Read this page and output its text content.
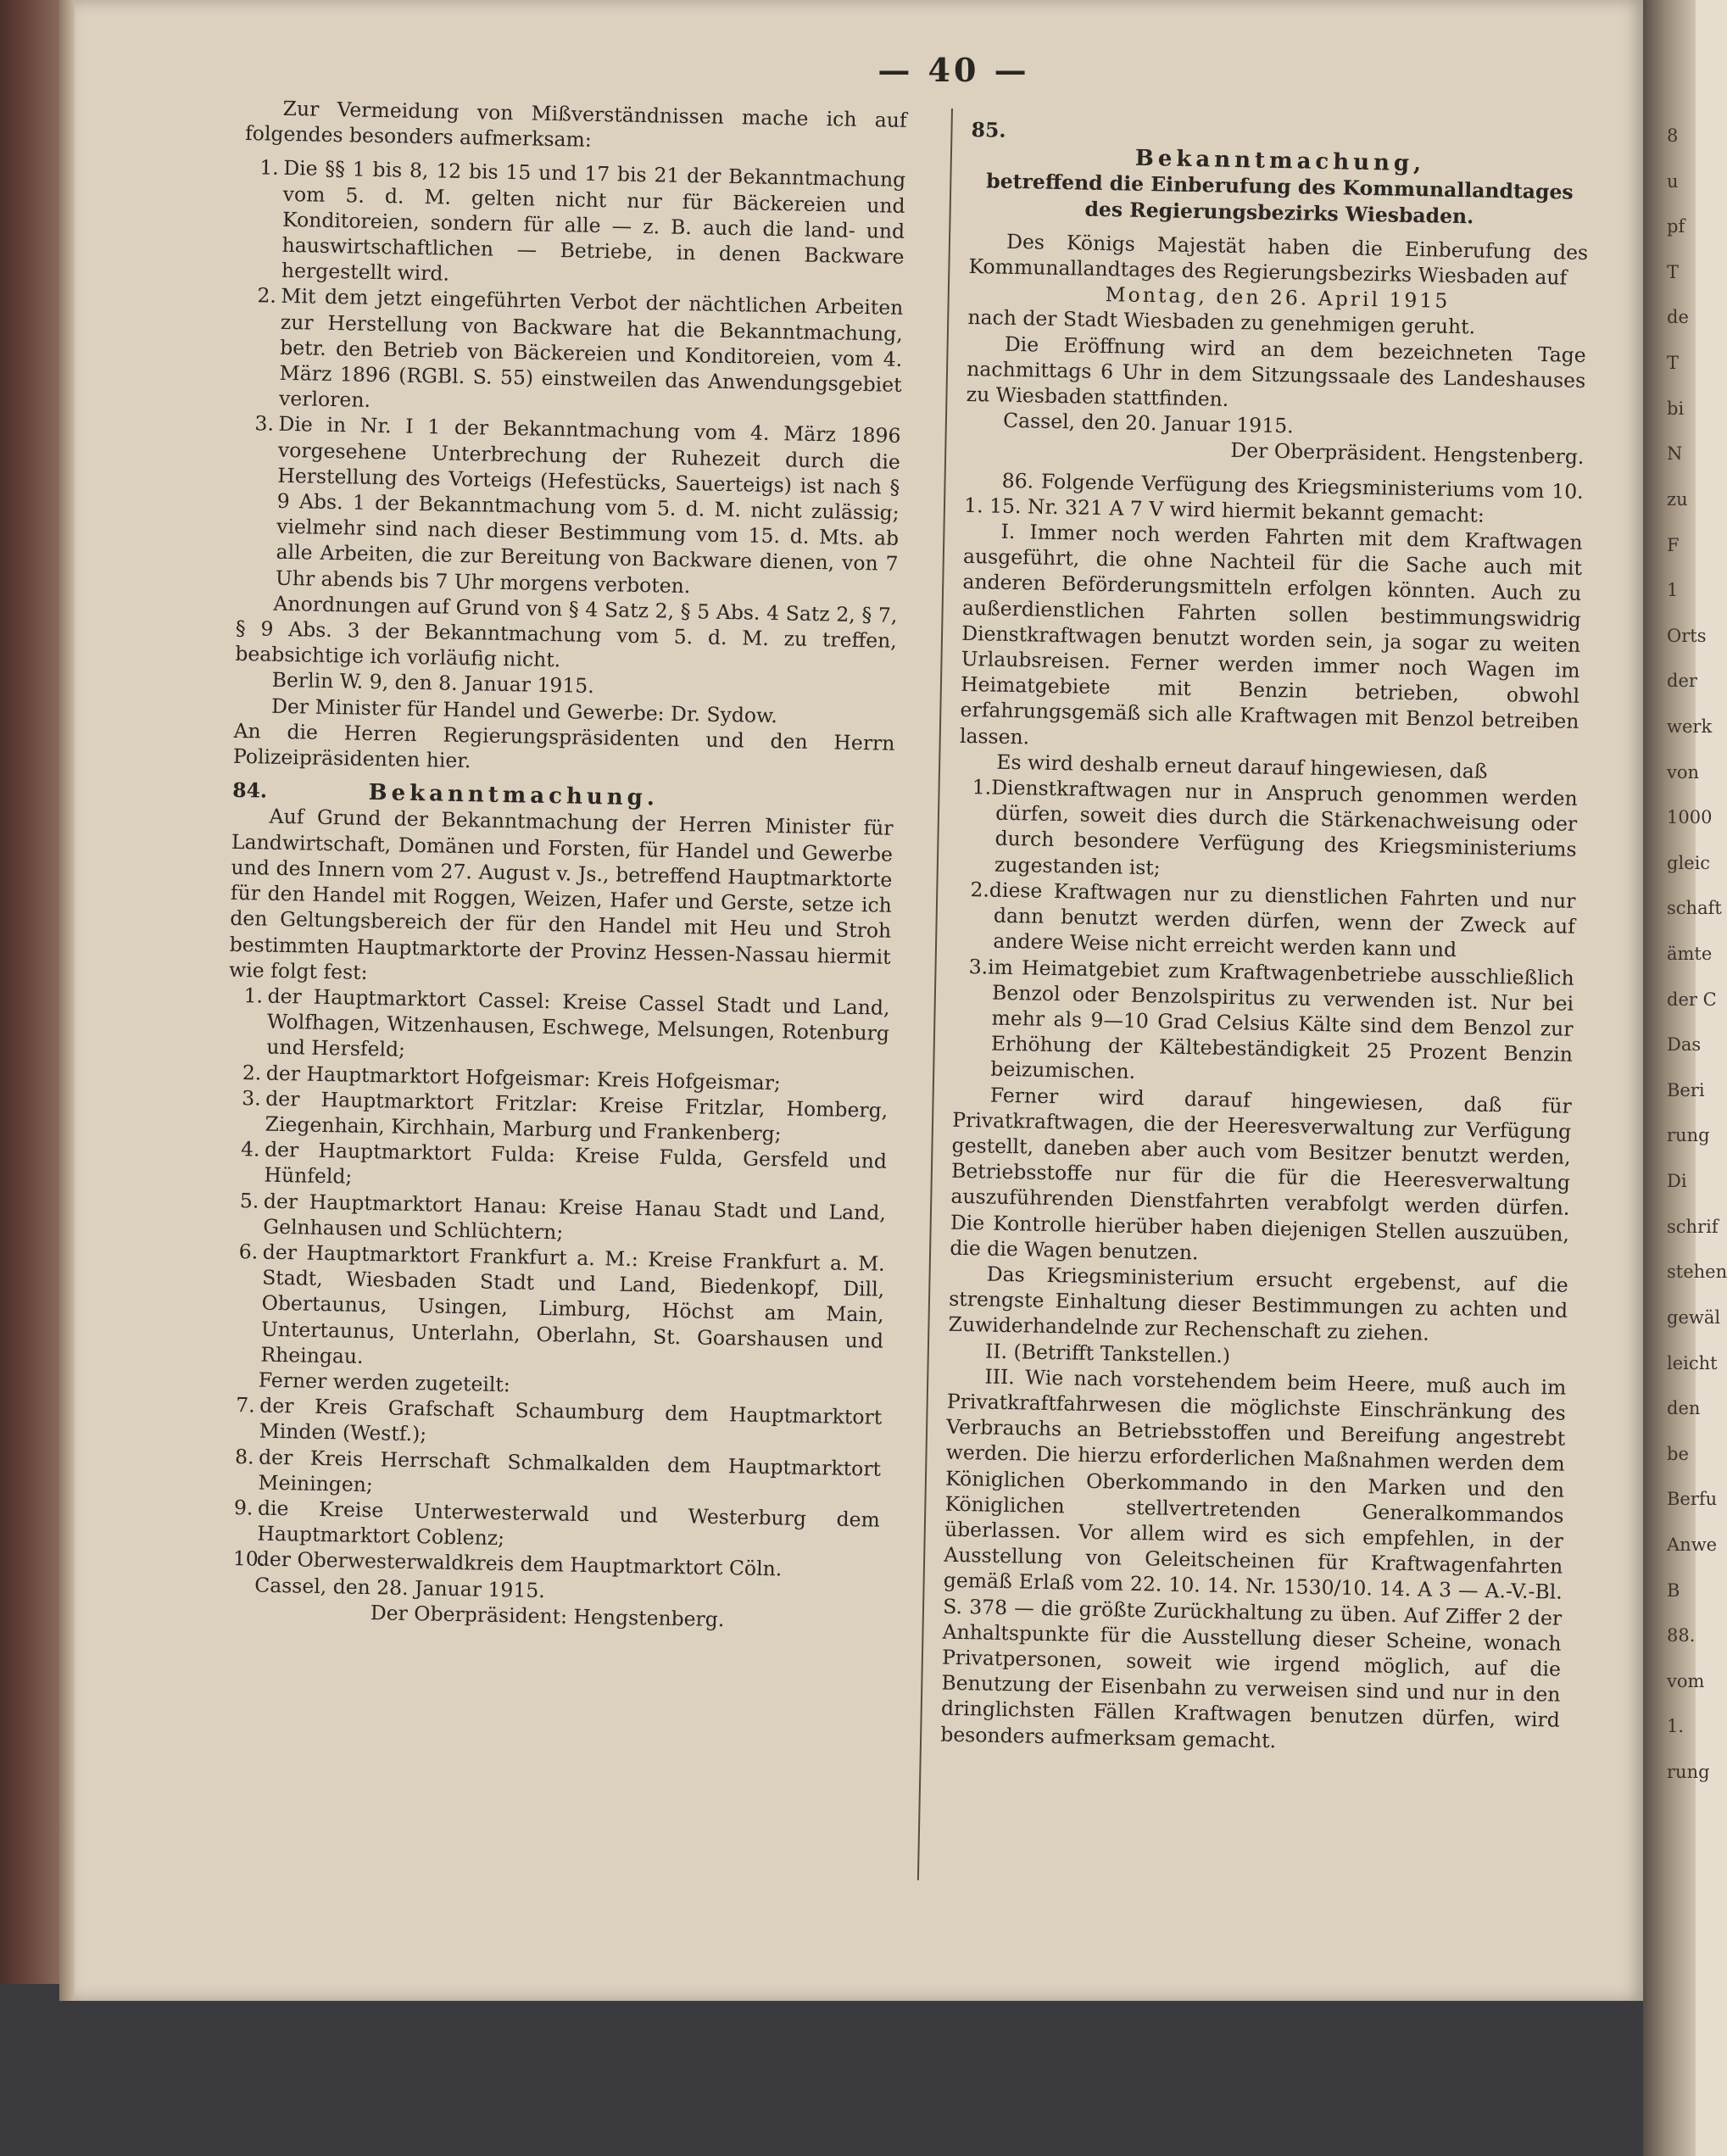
8
u
pf
T
de
T
bi
N
zu
F
1
Orts
der
werk
von
1000
gleic
schaft
ämte
der C
Das
Beri
rung
Di
schrif
stehen
gewäl
leicht
den
be
Berfu
Anwe
B
88.
vom
1.
rung
— 40 —

Zur Vermeidung von Mißverständnissen mache ich auf folgendes besonders aufmerksam:

1. Die §§ 1 bis 8, 12 bis 15 und 17 bis 21 der Bekanntmachung vom 5. d. M. gelten nicht nur für Bäckereien und Konditoreien, sondern für alle — z. B. auch die land- und hauswirtschaftlichen — Betriebe, in denen Backware hergestellt wird.

2. Mit dem jetzt eingeführten Verbot der nächtlichen Arbeiten zur Herstellung von Backware hat die Bekanntmachung, betr. den Betrieb von Bäckereien und Konditoreien, vom 4. März 1896 (RGBl. S. 55) einstweilen das Anwendungsgebiet verloren.

3. Die in Nr. I 1 der Bekanntmachung vom 4. März 1896 vorgesehene Unterbrechung der Ruhezeit durch die Herstellung des Vorteigs (Hefestücks, Sauerteigs) ist nach § 9 Abs. 1 der Bekanntmachung vom 5. d. M. nicht zulässig; vielmehr sind nach dieser Bestimmung vom 15. d. Mts. ab alle Arbeiten, die zur Bereitung von Backware dienen, von 7 Uhr abends bis 7 Uhr morgens verboten.

Anordnungen auf Grund von § 4 Satz 2, § 5 Abs. 4 Satz 2, § 7, § 9 Abs. 3 der Bekanntmachung vom 5. d. M. zu treffen, beabsichtige ich vorläufig nicht.

Berlin W. 9, den 8. Januar 1915.

Der Minister für Handel und Gewerbe: Dr. Sydow.

An die Herren Regierungspräsidenten und den Herrn Polizeipräsidenten hier.

84.	Bekanntmachung.

Auf Grund der Bekanntmachung der Herren Minister für Landwirtschaft, Domänen und Forsten, für Handel und Gewerbe und des Innern vom 27. August v. Js., betreffend Hauptmarktorte für den Handel mit Roggen, Weizen, Hafer und Gerste, setze ich den Geltungsbereich der für den Handel mit Heu und Stroh bestimmten Hauptmarktorte der Provinz Hessen-Nassau hiermit wie folgt fest:

1. der Hauptmarktort Cassel: Kreise Cassel Stadt und Land, Wolfhagen, Witzenhausen, Eschwege, Melsungen, Rotenburg und Hersfeld;

2. der Hauptmarktort Hofgeismar: Kreis Hofgeismar;

3. der Hauptmarktort Fritzlar: Kreise Fritzlar, Homberg, Ziegenhain, Kirchhain, Marburg und Frankenberg;

4. der Hauptmarktort Fulda: Kreise Fulda, Gersfeld und Hünfeld;

5. der Hauptmarktort Hanau: Kreise Hanau Stadt und Land, Gelnhausen und Schlüchtern;

6. der Hauptmarktort Frankfurt a. M.: Kreise Frankfurt a. M. Stadt, Wiesbaden Stadt und Land, Biedenkopf, Dill, Obertaunus, Usingen, Limburg, Höchst am Main, Untertaunus, Unterlahn, Oberlahn, St. Goarshausen und Rheingau.

Ferner werden zugeteilt:

7. der Kreis Grafschaft Schaumburg dem Hauptmarktort Minden (Westf.);

8. der Kreis Herrschaft Schmalkalden dem Hauptmarktort Meiningen;

9. die Kreise Unterwesterwald und Westerburg dem Hauptmarktort Coblenz;

10.der Oberwesterwaldkreis dem Hauptmarktort Cöln.

Cassel, den 28. Januar 1915.

Der Oberpräsident: Hengstenberg.

85.

Bekanntmachung,

betreffend die Einberufung des Kommunallandtages des Regierungsbezirks Wiesbaden.

Des Königs Majestät haben die Einberufung des Kommunallandtages des Regierungsbezirks Wiesbaden auf

Montag, den 26. April 1915

nach der Stadt Wiesbaden zu genehmigen geruht.

Die Eröffnung wird an dem bezeichneten Tage nachmittags 6 Uhr in dem Sitzungssaale des Landeshauses zu Wiesbaden stattfinden.

Cassel, den 20. Januar 1915.

Der Oberpräsident. Hengstenberg.

86. Folgende Verfügung des Kriegsministeriums vom 10. 1. 15. Nr. 321 A 7 V wird hiermit bekannt gemacht:

I. Immer noch werden Fahrten mit dem Kraftwagen ausgeführt, die ohne Nachteil für die Sache auch mit anderen Beförderungsmitteln erfolgen könnten. Auch zu außerdienstlichen Fahrten sollen bestimmungswidrig Dienstkraftwagen benutzt worden sein, ja sogar zu weiten Urlaubsreisen. Ferner werden immer noch Wagen im Heimatgebiete mit Benzin betrieben, obwohl erfahrungsgemäß sich alle Kraftwagen mit Benzol betreiben lassen.

Es wird deshalb erneut darauf hingewiesen, daß

1.Dienstkraftwagen nur in Anspruch genommen werden dürfen, soweit dies durch die Stärkenachweisung oder durch besondere Verfügung des Kriegsministeriums zugestanden ist;

2.diese Kraftwagen nur zu dienstlichen Fahrten und nur dann benutzt werden dürfen, wenn der Zweck auf andere Weise nicht erreicht werden kann und

3.im Heimatgebiet zum Kraftwagenbetriebe ausschließlich Benzol oder Benzolspiritus zu verwenden ist. Nur bei mehr als 9—10 Grad Celsius Kälte sind dem Benzol zur Erhöhung der Kältebeständigkeit 25 Prozent Benzin beizumischen.

Ferner wird darauf hingewiesen, daß für Privatkraftwagen, die der Heeresverwaltung zur Verfügung gestellt, daneben aber auch vom Besitzer benutzt werden, Betriebsstoffe nur für die für die Heeresverwaltung auszuführenden Dienstfahrten verabfolgt werden dürfen. Die Kontrolle hierüber haben diejenigen Stellen auszuüben, die die Wagen benutzen.

Das Kriegsministerium ersucht ergebenst, auf die strengste Einhaltung dieser Bestimmungen zu achten und Zuwiderhandelnde zur Rechenschaft zu ziehen.

II. (Betrifft Tankstellen.)

III. Wie nach vorstehendem beim Heere, muß auch im Privatkraftfahrwesen die möglichste Einschränkung des Verbrauchs an Betriebsstoffen und Bereifung angestrebt werden. Die hierzu erforderlichen Maßnahmen werden dem Königlichen Oberkommando in den Marken und den Königlichen stellvertretenden Generalkommandos überlassen. Vor allem wird es sich empfehlen, in der Ausstellung von Geleitscheinen für Kraftwagenfahrten gemäß Erlaß vom 22. 10. 14. Nr. 1530/10. 14. A 3 — A.-V.-Bl. S. 378 — die größte Zurückhaltung zu üben. Auf Ziffer 2 der Anhaltspunkte für die Ausstellung dieser Scheine, wonach Privatpersonen, soweit wie irgend möglich, auf die Benutzung der Eisenbahn zu verweisen sind und nur in den dringlichsten Fällen Kraftwagen benutzen dürfen, wird besonders aufmerksam gemacht.
